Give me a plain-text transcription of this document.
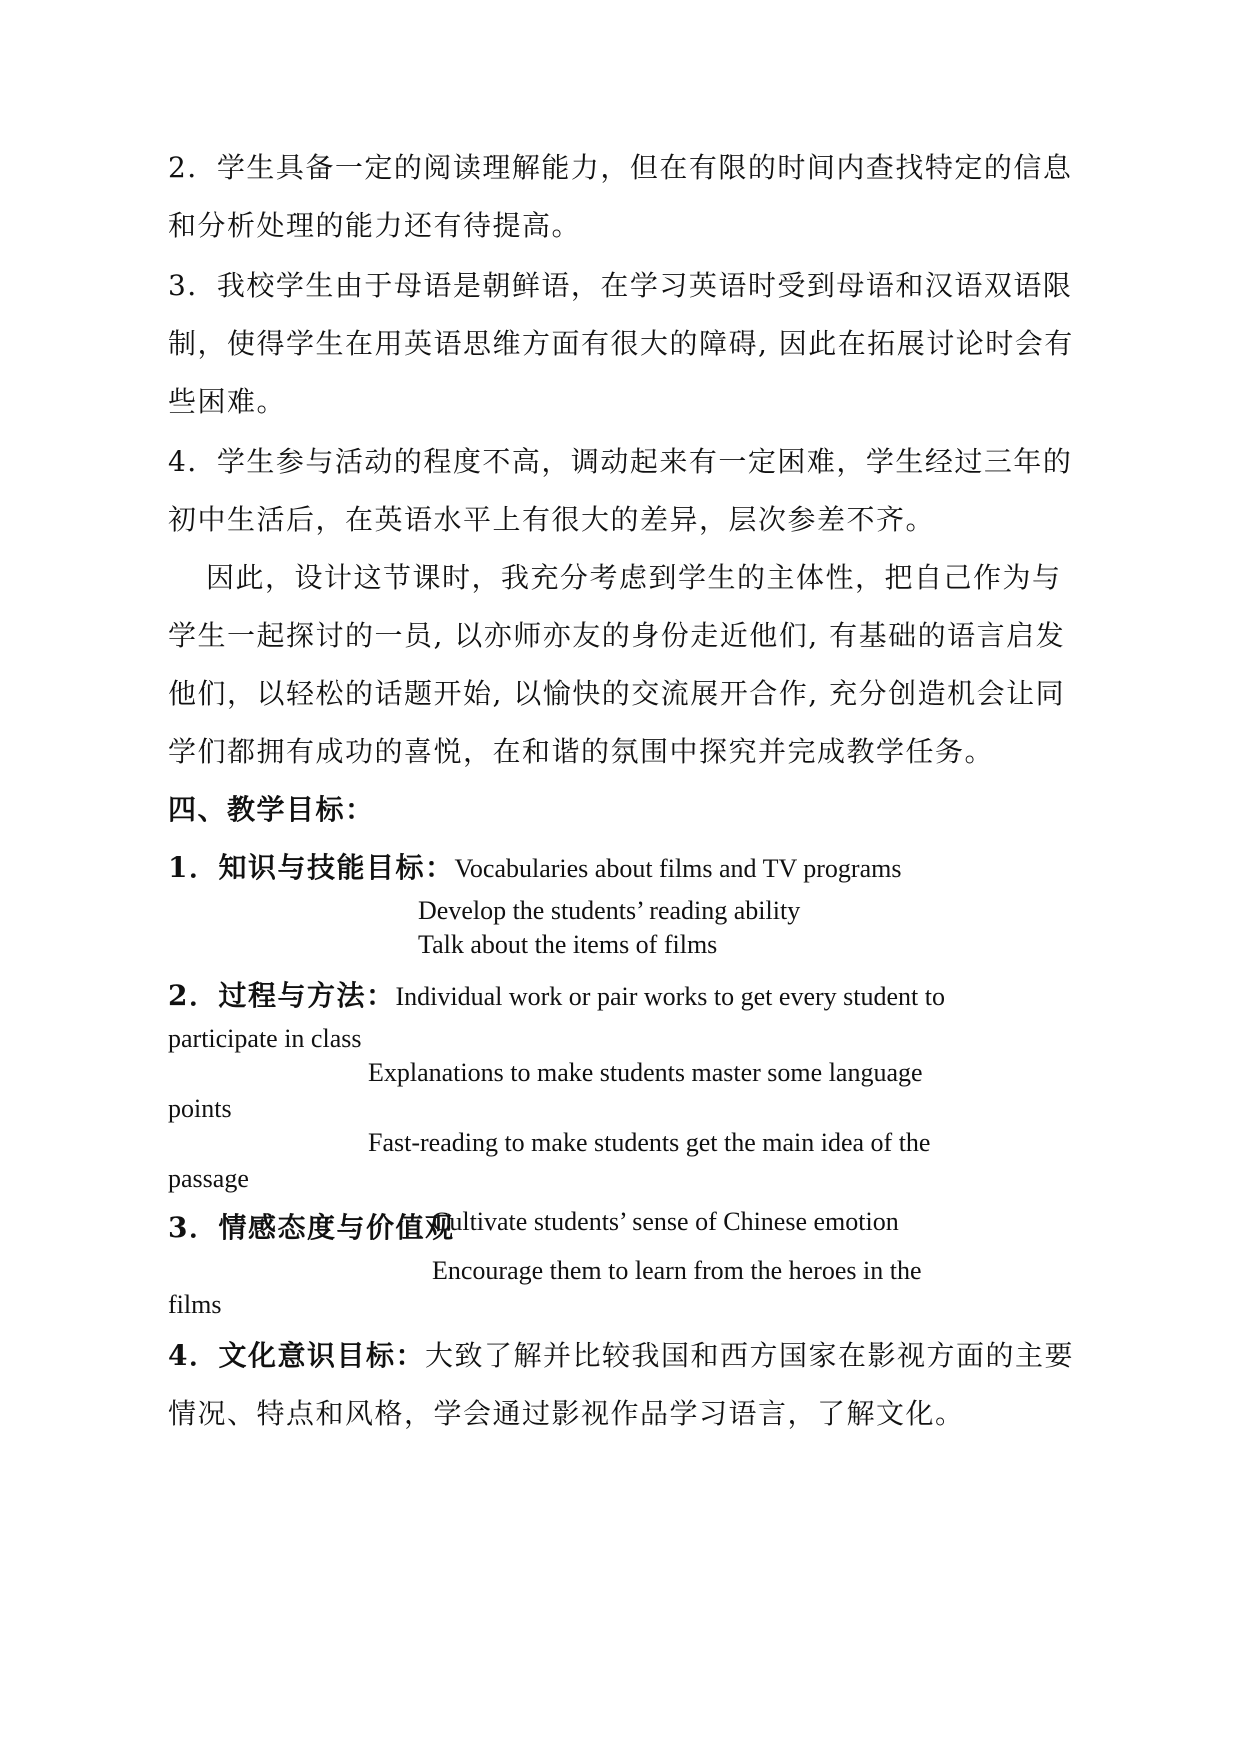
2．学生具备一定的阅读理解能力，但在有限的时间内查找特定的信息
和分析处理的能力还有待提高。
3．我校学生由于母语是朝鲜语，在学习英语时受到母语和汉语双语限
制，使得学生在用英语思维方面有很大的障碍, 因此在拓展讨论时会有
些困难。
4．学生参与活动的程度不高，调动起来有一定困难，学生经过三年的
初中生活后，在英语水平上有很大的差异，层次参差不齐。
因此，设计这节课时，我充分考虑到学生的主体性，把自己作为与
学生一起探讨的一员, 以亦师亦友的身份走近他们, 有基础的语言启发
他们，以轻松的话题开始, 以愉快的交流展开合作, 充分创造机会让同
学们都拥有成功的喜悦，在和谐的氛围中探究并完成教学任务。
四、教学目标：
1．知识与技能目标：Vocabularies about films and TV programs
Develop the students’ reading ability
Talk about the items of films
2．过程与方法：Individual work or pair works to get every student to
participate in class
Explanations to make students master some language
points
Fast-reading to make students get the main idea of the
passage
3．情感态度与价值观
Cultivate students’ sense of Chinese emotion
Encourage them to learn from the heroes in the
films
4．文化意识目标：大致了解并比较我国和西方国家在影视方面的主要
情况、特点和风格，学会通过影视作品学习语言，了解文化。
